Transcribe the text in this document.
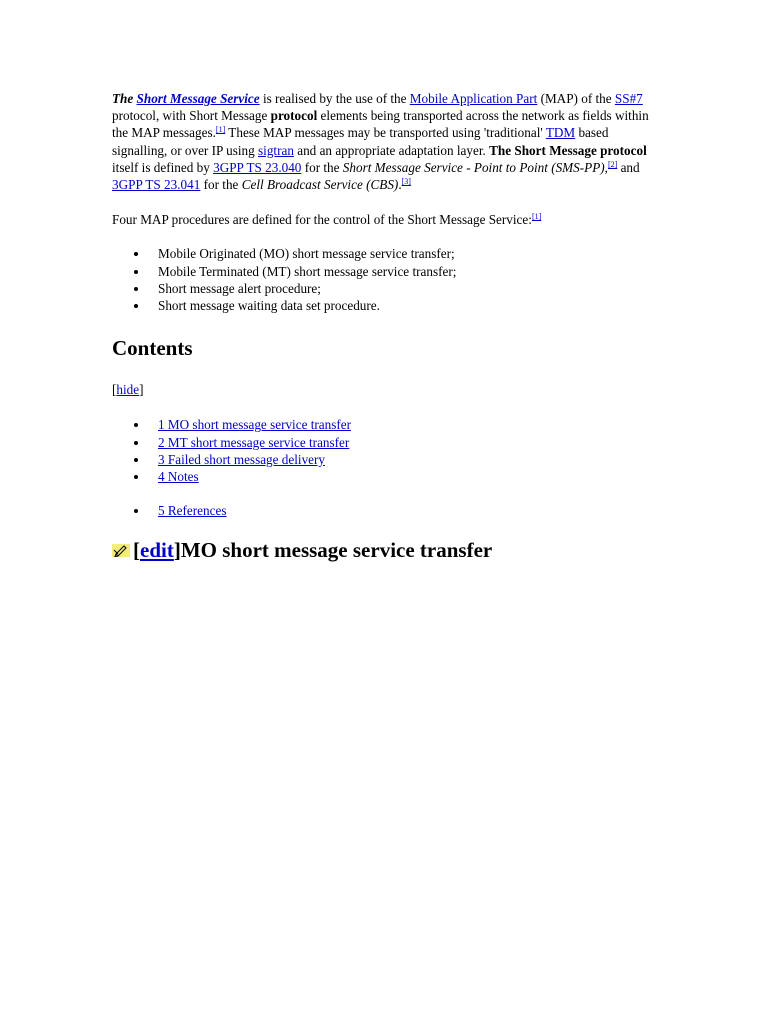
The Short Message Service is realised by the use of the Mobile Application Part (MAP) of the SS#7 protocol, with Short Message protocol elements being transported across the network as fields within the MAP messages.[1] These MAP messages may be transported using 'traditional' TDM based signalling, or over IP using sigtran and an appropriate adaptation layer. The Short Message protocol itself is defined by 3GPP TS 23.040 for the Short Message Service - Point to Point (SMS-PP),[2] and 3GPP TS 23.041 for the Cell Broadcast Service (CBS).[3]

Four MAP procedures are defined for the control of the Short Message Service:[1]

Mobile Originated (MO) short message service transfer;
Mobile Terminated (MT) short message service transfer;
Short message alert procedure;
Short message waiting data set procedure.
Contents
[hide]
1 MO short message service transfer
2 MT short message service transfer
3 Failed short message delivery
4 Notes
5 References
[ edit ] MO short message service transfer
